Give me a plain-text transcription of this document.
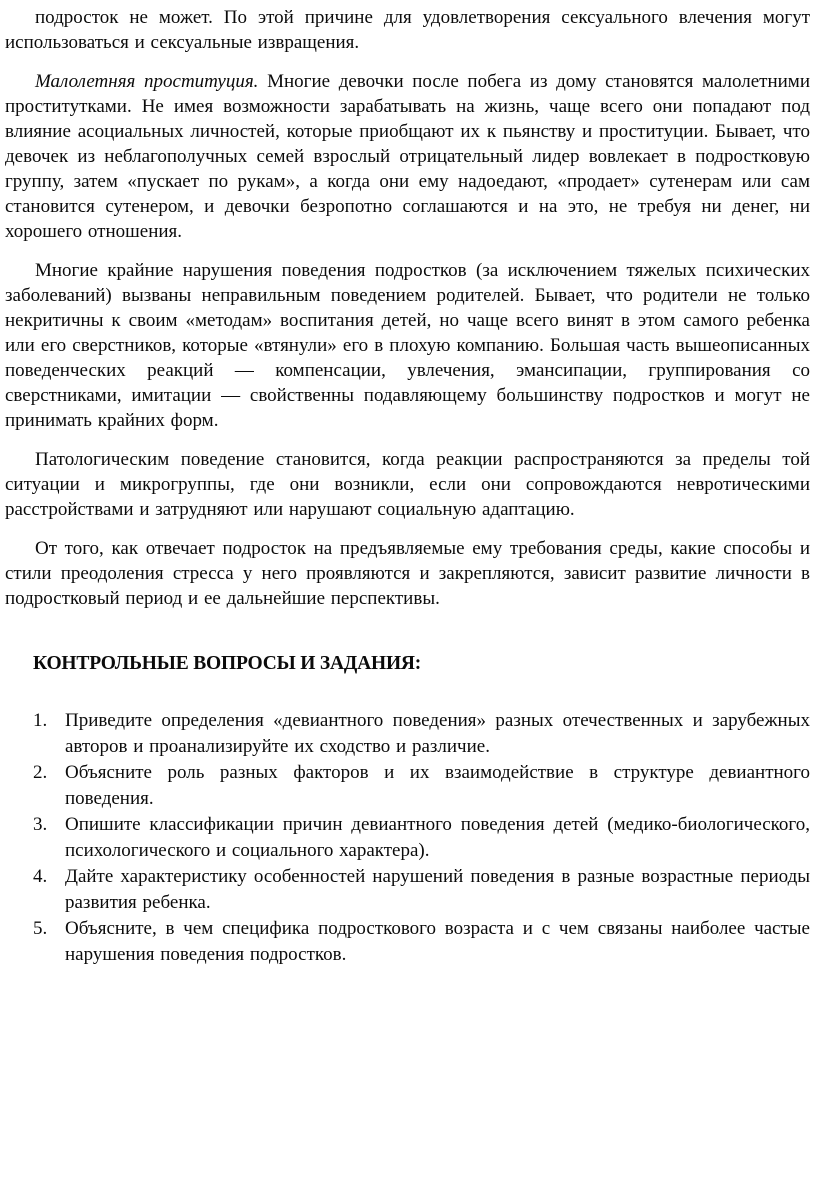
подросток не может. По этой причине для удовлетворения сексуального влечения могут использоваться и сексуальные извращения.

Малолетняя проституция. Многие девочки после побега из дому становятся малолетними проститутками. Не имея возможности зарабатывать на жизнь, чаще всего они попадают под влияние асоциальных личностей, которые приобщают их к пьянству и проституции. Бывает, что девочек из неблагополучных семей взрослый отрицательный лидер вовлекает в подростковую группу, затем «пускает по рукам», а когда они ему надоедают, «продает» сутенерам или сам становится сутенером, и девочки безропотно соглашаются и на это, не требуя ни денег, ни хорошего отношения.

Многие крайние нарушения поведения подростков (за исключением тяжелых психических заболеваний) вызваны неправильным поведением родителей. Бывает, что родители не только некритичны к своим «методам» воспитания детей, но чаще всего винят в этом самого ребенка или его сверстников, которые «втянули» его в плохую компанию. Большая часть вышеописанных поведенческих реакций — компенсации, увлечения, эмансипации, группирования со сверстниками, имитации — свойственны подавляющему большинству подростков и могут не принимать крайних форм.

Патологическим поведение становится, когда реакции распространяются за пределы той ситуации и микрогруппы, где они возникли, если они сопровождаются невротическими расстройствами и затрудняют или нарушают социальную адаптацию.

От того, как отвечает подросток на предъявляемые ему требования среды, какие способы и стили преодоления стресса у него проявляются и закрепляются, зависит развитие личности в подростковый период и ее дальнейшие перспективы.

КОНТРОЛЬНЫЕ ВОПРОСЫ И ЗАДАНИЯ:
1. Приведите определения «девиантного поведения» разных отечественных и зарубежных авторов и проанализируйте их сходство и различие.
2. Объясните роль разных факторов и их взаимодействие в структуре девиантного поведения.
3. Опишите классификации причин девиантного поведения детей (медико-биологического, психологического и социального характера).
4. Дайте характеристику особенностей нарушений поведения в разные возрастные периоды развития ребенка.
5. Объясните, в чем специфика подросткового возраста и с чем связаны наиболее частые нарушения поведения подростков.
